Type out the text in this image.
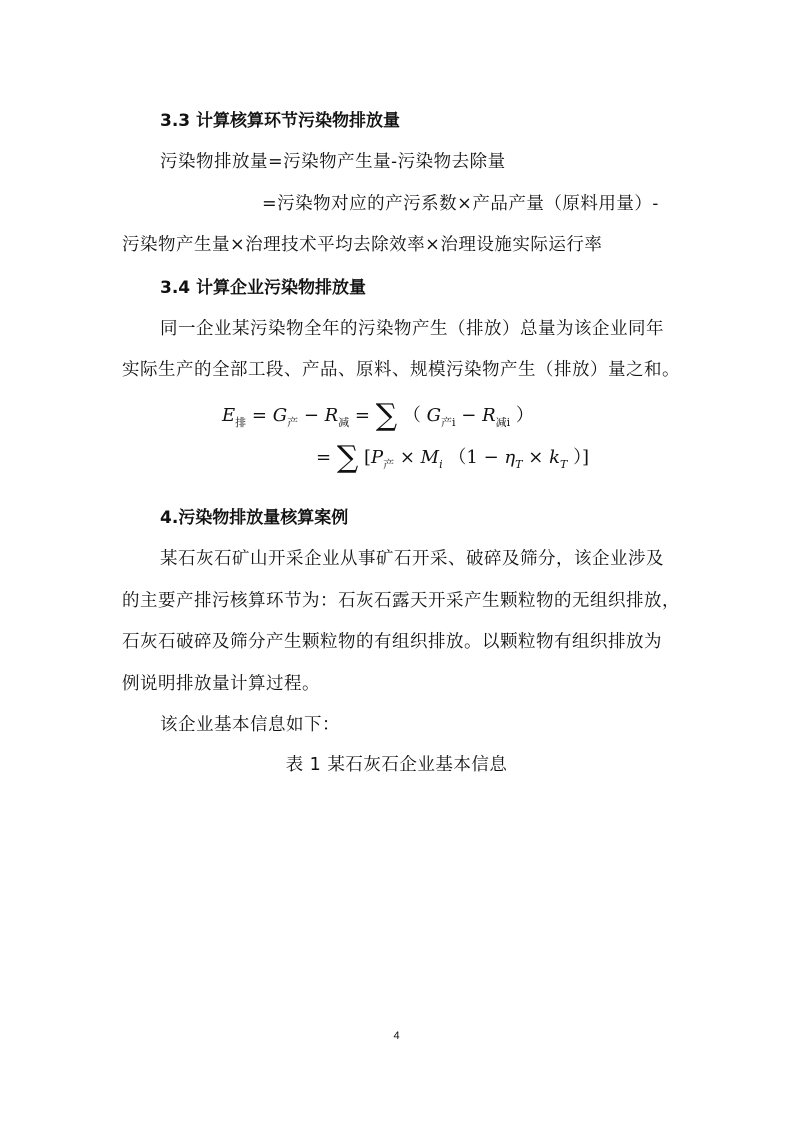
3.3 计算核算环节污染物排放量
污染物排放量=污染物产生量-污染物去除量
=污染物对应的产污系数×产品产量（原料用量）-
污染物产生量×治理技术平均去除效率×治理设施实际运行率
3.4 计算企业污染物排放量
同一企业某污染物全年的污染物产生（排放）总量为该企业同年
实际生产的全部工段、产品、原料、规模污染物产生（排放）量之和。
$E_排 = G_产 - R_减$ = ∑ （ $G_{产i} - R_{减i}$ ）
= ∑ [$P_产 \times M_i$ （$1 - \eta_T \times k_T$ ）]
4.污染物排放量核算案例
某石灰石矿山开采企业从事矿石开采、破碎及筛分，该企业涉及
的主要产排污核算环节为：石灰石露天开采产生颗粒物的无组织排放，
石灰石破碎及筛分产生颗粒物的有组织排放。以颗粒物有组织排放为
例说明排放量计算过程。
该企业基本信息如下：
表 1 某石灰石企业基本信息
4
